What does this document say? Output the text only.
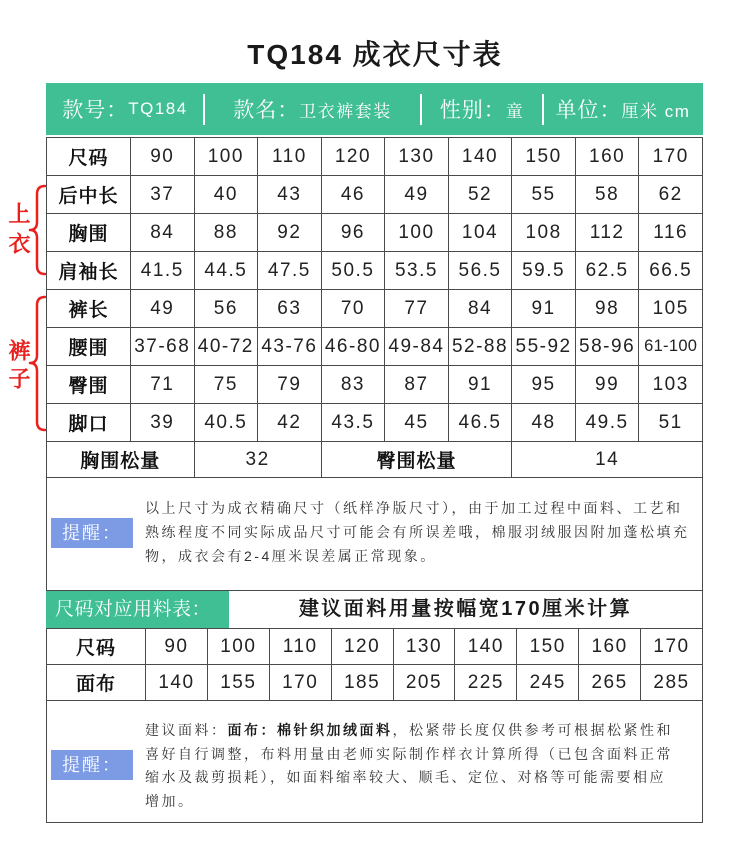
TQ184 成衣尺寸表
款号： TQ184 款名： 卫衣裤套装 性别： 童 单位： 厘米 cm
上衣
裤子
尺码	90	100	110	120	130	140	150	160	170
后中长	37	40	43	46	49	52	55	58	62
胸围	84	88	92	96	100	104	108	112	116
肩袖长	41.5	44.5	47.5	50.5	53.5	56.5	59.5	62.5	66.5
裤长	49	56	63	70	77	84	91	98	105
腰围	37-68	40-72	43-76	46-80	49-84	52-88	55-92	58-96	61-100
臀围	71	75	79	83	87	91	95	99	103
脚口	39	40.5	42	43.5	45	46.5	48	49.5	51
胸围松量		32		臀围松量			14		
提醒：
以上尺寸为成衣精确尺寸（纸样净版尺寸），由于加工过程中面料、工艺和
熟练程度不同实际成品尺寸可能会有所误差哦，棉服羽绒服因附加蓬松填充
物，成衣会有2-4厘米误差属正常现象。
尺码对应用料表：	建议面料用量按幅宽170厘米计算
尺码	90	100	110	120	130	140	150	160	170
面布	140	155	170	185	205	225	245	265	285
提醒：
建议面料：面布：棉针织加绒面料，松紧带长度仅供参考可根据松紧性和
喜好自行调整，布料用量由老师实际制作样衣计算所得（已包含面料正常
缩水及裁剪损耗），如面料缩率较大、顺毛、定位、对格等可能需要相应
增加。
